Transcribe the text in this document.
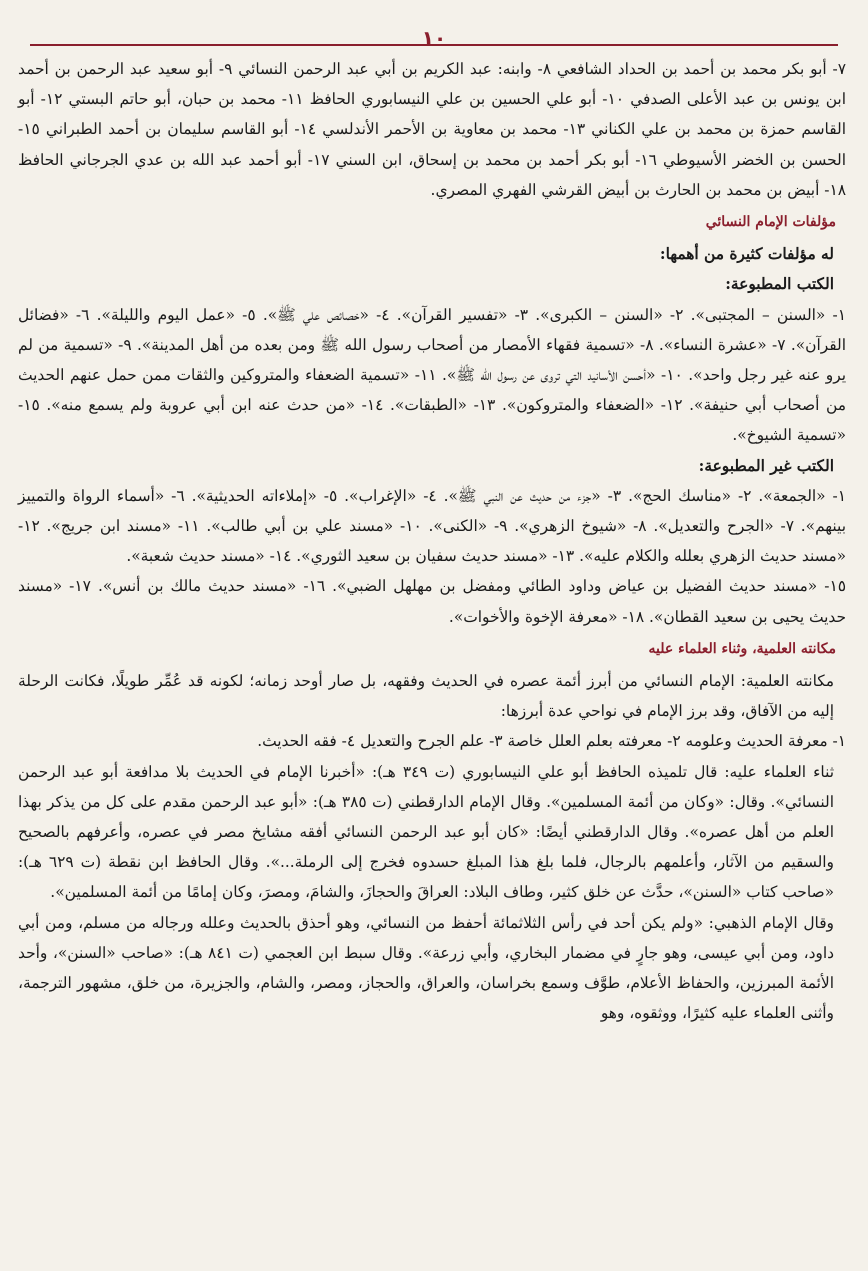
١٠

٧- أبو بكر محمد بن أحمد بن الحداد الشافعي ٨- وابنه: عبد الكريم بن أبي عبد الرحمن النسائي ٩- أبو سعيد عبد الرحمن بن أحمد ابن يونس بن عبد الأعلى الصدفي ١٠- أبو علي الحسين بن علي النيسابوري الحافظ ١١- محمد بن حبان، أبو حاتم البستي ١٢- أبو القاسم حمزة بن محمد بن علي الكناني ١٣- محمد بن معاوية بن الأحمر الأندلسي ١٤- أبو القاسم سليمان بن أحمد الطبراني ١٥- الحسن بن الخضر الأسيوطي ١٦- أبو بكر أحمد بن محمد بن إسحاق، ابن السني ١٧- أبو أحمد عبد الله بن عدي الجرجاني الحافظ ١٨- أبيض بن محمد بن الحارث بن أبيض القرشي الفهري المصري.

مؤلفات الإمام النسائي

له مؤلفات كثيرة من أهمها:

الكتب المطبوعة:

١- «السنن – المجتبى». ٢- «السنن – الكبرى». ٣- «تفسير القرآن». ٤- «خصائص علي ﷺ». ٥- «عمل اليوم والليلة». ٦- «فضائل القرآن». ٧- «عشرة النساء». ٨- «تسمية فقهاء الأمصار من أصحاب رسول الله ﷺ ومن بعده من أهل المدينة». ٩- «تسمية من لم يرو عنه غير رجل واحد». ١٠- «أحسن الأسانيد التي تروى عن رسول الله ﷺ». ١١- «تسمية الضعفاء والمتروكين والثقات ممن حمل عنهم الحديث من أصحاب أبي حنيفة». ١٢- «الضعفاء والمتروكون». ١٣- «الطبقات». ١٤- «من حدث عنه ابن أبي عروبة ولم يسمع منه». ١٥- «تسمية الشيوخ».

الكتب غير المطبوعة:

١- «الجمعة». ٢- «مناسك الحج». ٣- «جزء من حديث عن النبي ﷺ». ٤- «الإغراب». ٥- «إملاءاته الحديثية». ٦- «أسماء الرواة والتمييز بينهم». ٧- «الجرح والتعديل». ٨- «شيوخ الزهري». ٩- «الكنى». ١٠- «مسند علي بن أبي طالب». ١١- «مسند ابن جريج». ١٢- «مسند حديث الزهري بعلله والكلام عليه». ١٣- «مسند حديث سفيان بن سعيد الثوري». ١٤- «مسند حديث شعبة».

١٥- «مسند حديث الفضيل بن عياض وداود الطائي ومفضل بن مهلهل الضبي». ١٦- «مسند حديث مالك بن أنس». ١٧- «مسند حديث يحيى بن سعيد القطان». ١٨- «معرفة الإخوة والأخوات».

مكانته العلمية، وثناء العلماء عليه

مكانته العلمية: الإمام النسائي من أبرز أئمة عصره في الحديث وفقهه، بل صار أوحد زمانه؛ لكونه قد عُمِّر طويلًا، فكانت الرحلة إليه من الآفاق، وقد برز الإمام في نواحي عدة أبرزها:

١- معرفة الحديث وعلومه ٢- معرفته بعلم العلل خاصة ٣- علم الجرح والتعديل ٤- فقه الحديث.

ثناء العلماء عليه: قال تلميذه الحافظ أبو علي النيسابوري (ت ٣٤٩ هـ): «أخبرنا الإمام في الحديث بلا مدافعة أبو عبد الرحمن النسائي». وقال: «وكان من أئمة المسلمين». وقال الإمام الدارقطني (ت ٣٨٥ هـ): «أبو عبد الرحمن مقدم على كل من يذكر بهذا العلم من أهل عصره». وقال الدارقطني أيضًا: «كان أبو عبد الرحمن النسائي أفقه مشايخ مصر في عصره، وأعرفهم بالصحيح والسقيم من الآثار، وأعلمهم بالرجال، فلما بلغ هذا المبلغ حسدوه فخرج إلى الرملة...». وقال الحافظ ابن نقطة (ت ٦٢٩ هـ): «صاحب كتاب «السنن»، حدَّث عن خلق كثير، وطاف البلاد: العراقَ والحجازَ، والشامَ، ومصرَ، وكان إمامًا من أئمة المسلمين».

وقال الإمام الذهبي: «ولم يكن أحد في رأس الثلاثمائة أحفظ من النسائي، وهو أحذق بالحديث وعلله ورجاله من مسلم، ومن أبي داود، ومن أبي عيسى، وهو جارٍ في مضمار البخاري، وأبي زرعة». وقال سبط ابن العجمي (ت ٨٤١ هـ): «صاحب «السنن»، وأحد الأئمة المبرزين، والحفاظ الأعلام، طوَّف وسمع بخراسان، والعراق، والحجاز، ومصر، والشام، والجزيرة، من خلق، مشهور الترجمة، وأثنى العلماء عليه كثيرًا، ووثقوه، وهو
